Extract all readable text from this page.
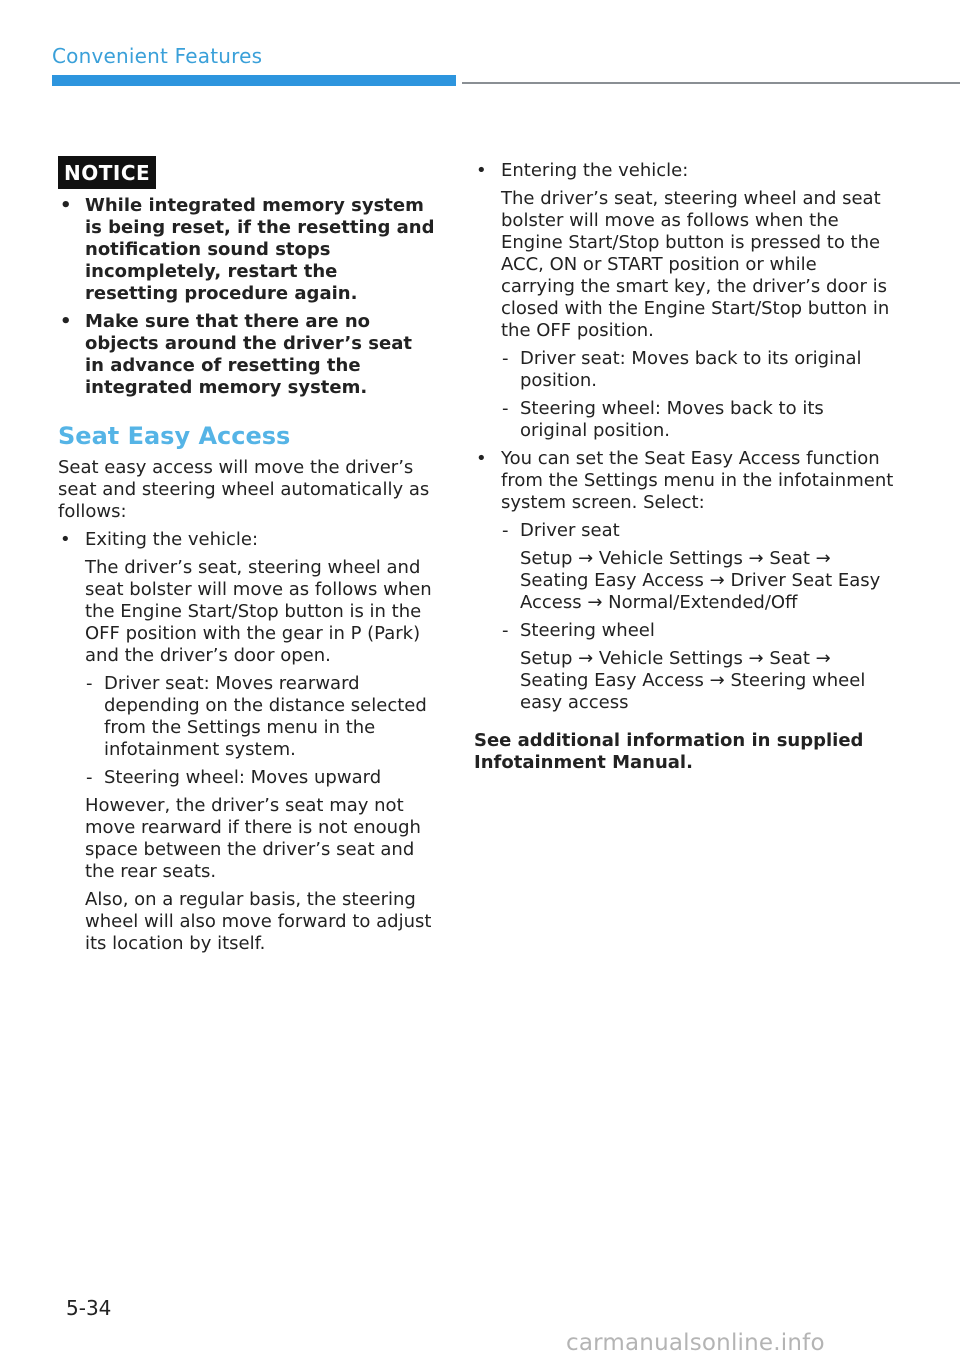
Convenient Features
NOTICE
• While integrated memory system is being reset, if the resetting and notification sound stops incompletely, restart the resetting procedure again.
• Make sure that there are no objects around the driver’s seat in advance of resetting the integrated memory system.
Seat Easy Access

Seat easy access will move the driver’s seat and steering wheel automatically as follows:

• Exiting the vehicle:

The driver’s seat, steering wheel and seat bolster will move as follows when the Engine Start/Stop button is in the OFF position with the gear in P (Park) and the driver’s door open.

- Driver seat: Moves rearward depending on the distance selected from the Settings menu in the infotainment system.
- Steering wheel: Moves upward

However, the driver’s seat may not move rearward if there is not enough space between the driver’s seat and the rear seats.

Also, on a regular basis, the steering wheel will also move forward to adjust its location by itself.

• Entering the vehicle:

The driver’s seat, steering wheel and seat bolster will move as follows when the Engine Start/Stop button is pressed to the ACC, ON or START position or while carrying the smart key, the driver’s door is closed with the Engine Start/Stop button in the OFF position.

- Driver seat: Moves back to its original position.
- Steering wheel: Moves back to its original position.
• You can set the Seat Easy Access function from the Settings menu in the infotainment system screen. Select:
- Driver seat

Setup → Vehicle Settings → Seat → Seating Easy Access → Driver Seat Easy Access → Normal/Extended/Off

- Steering wheel

Setup → Vehicle Settings → Seat → Seating Easy Access → Steering wheel easy access

See additional information in supplied Infotainment Manual.

5-34
carmanualsonline.info
